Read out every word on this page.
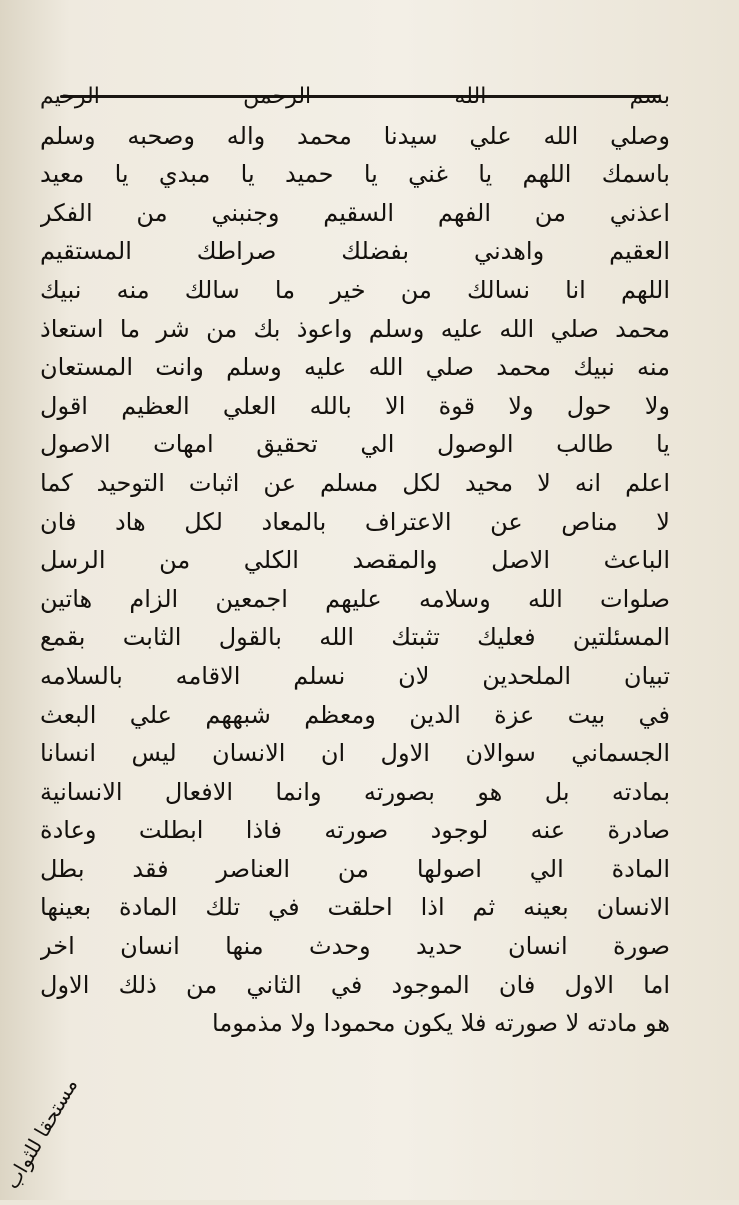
بسم الله الرحمن الرحيم
وصلي الله علي سيدنا محمد واله وصحبه وسلم
باسمك اللهم يا غني يا حميد يا مبدي يا معيد
اعذني من الفهم السقيم وجنبني من الفكر
العقيم واهدني بفضلك صراطك المستقيم
اللهم انا نسالك من خير ما سالك منه نبيك
محمد صلي الله عليه وسلم واعوذ بك من شر ما استعاذ
منه نبيك محمد صلي الله عليه وسلم وانت المستعان
ولا حول ولا قوة الا بالله العلي العظيم اقول
يا طالب الوصول الي تحقيق امهات الاصول
اعلم انه لا محيد لكل مسلم عن اثبات التوحيد كما
لا مناص عن الاعتراف بالمعاد لكل هاد فان
الباعث الاصل والمقصد الكلي من الرسل
صلوات الله وسلامه عليهم اجمعين الزام هاتين
المسئلتين فعليك تثبتك الله بالقول الثابت بقمع
تبيان الملحدين لان نسلم الاقامه بالسلامه
في بيت عزة الدين ومعظم شبههم علي البعث
الجسماني سوالان الاول ان الانسان ليس انسانا
بمادته بل هو بصورته وانما الافعال الانسانية
صادرة عنه لوجود صورته فاذا ابطلت وعادة
المادة الي اصولها من العناصر فقد بطل
الانسان بعينه ثم اذا احلقت في تلك المادة بعينها
صورة انسان حديد وحدث منها انسان اخر
اما الاول فان الموجود في الثاني من ذلك الاول
هو مادته لا صورته فلا يكون محمودا ولا مذموما
مستحقا للثواب
